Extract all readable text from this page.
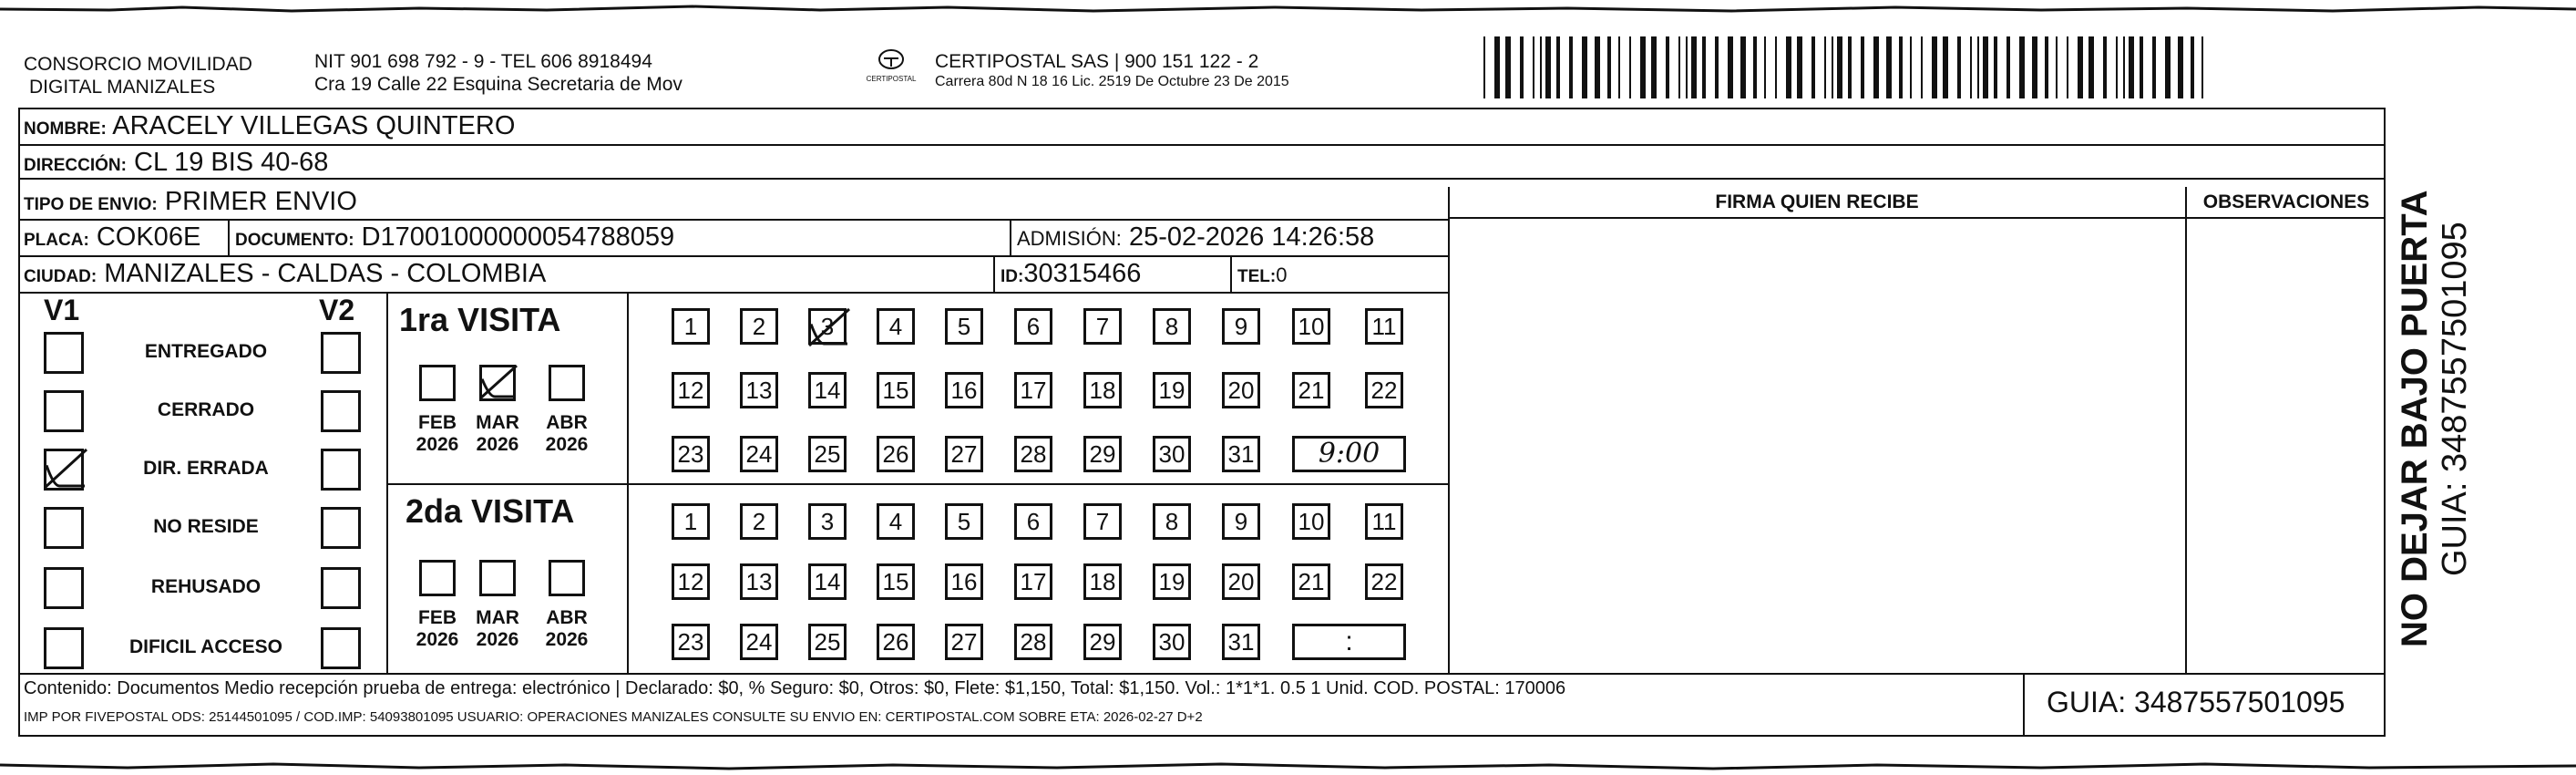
CONSORCIO MOVILIDAD
DIGITAL MANIZALES
NIT 901 698 792 - 9 - TEL 606 8918494
Cra 19 Calle 22 Esquina Secretaria de Mov	CERTIPOSTAL
CERTIPOSTAL SAS | 900 151 122 - 2
Carrera 80d N 18 16 Lic. 2519 De Octubre 23 De 2015
NOMBRE: ARACELY VILLEGAS QUINTERO
DIRECCIÓN: CL 19 BIS 40-68
TIPO DE ENVIO: PRIMER ENVIO
PLACA: COK06E DOCUMENTO: D17001000000054788059	ADMISIÓN: 25-02-2026 14:26:58
CIUDAD: MANIZALES - CALDAS - COLOMBIA	ID:30315466	TEL:0
FIRMA QUIEN RECIBE	OBSERVACIONES
V1	V2
ENTREGADO
CERRADO
DIR. ERRADA
NO RESIDE
REHUSADO
DIFICIL ACCESO
1ra VISITA
FEB
2026
MAR
2026
ABR
2026
1	2	3	4	5	6	7	8	9	10 11
12 13 14 15 16 17 18 19 20 21 22
23 24 25 26 27 28 29 30 31	9:00
2da VISITA
FEB
2026
MAR
2026
ABR
2026
1	2	3	4	5	6	7	8	9	10 11
12 13 14 15 16 17 18 19 20 21 22
23 24 25 26 27 28 29 30 31	:	NO DEJAR BAJO PUERTA GUIA: 3487557501095
Contenido: Documentos Medio recepción prueba de entrega: electrónico | Declarado: $0, % Seguro: $0, Otros: $0, Flete: $1,150, Total: $1,150. Vol.: 1*1*1. 0.5 1 Unid. COD. POSTAL: 170006
IMP POR FIVEPOSTAL ODS: 25144501095 / COD.IMP: 54093801095 USUARIO: OPERACIONES MANIZALES CONSULTE SU ENVIO EN: CERTIPOSTAL.COM SOBRE ETA: 2026-02-27 D+2	GUIA: 3487557501095
